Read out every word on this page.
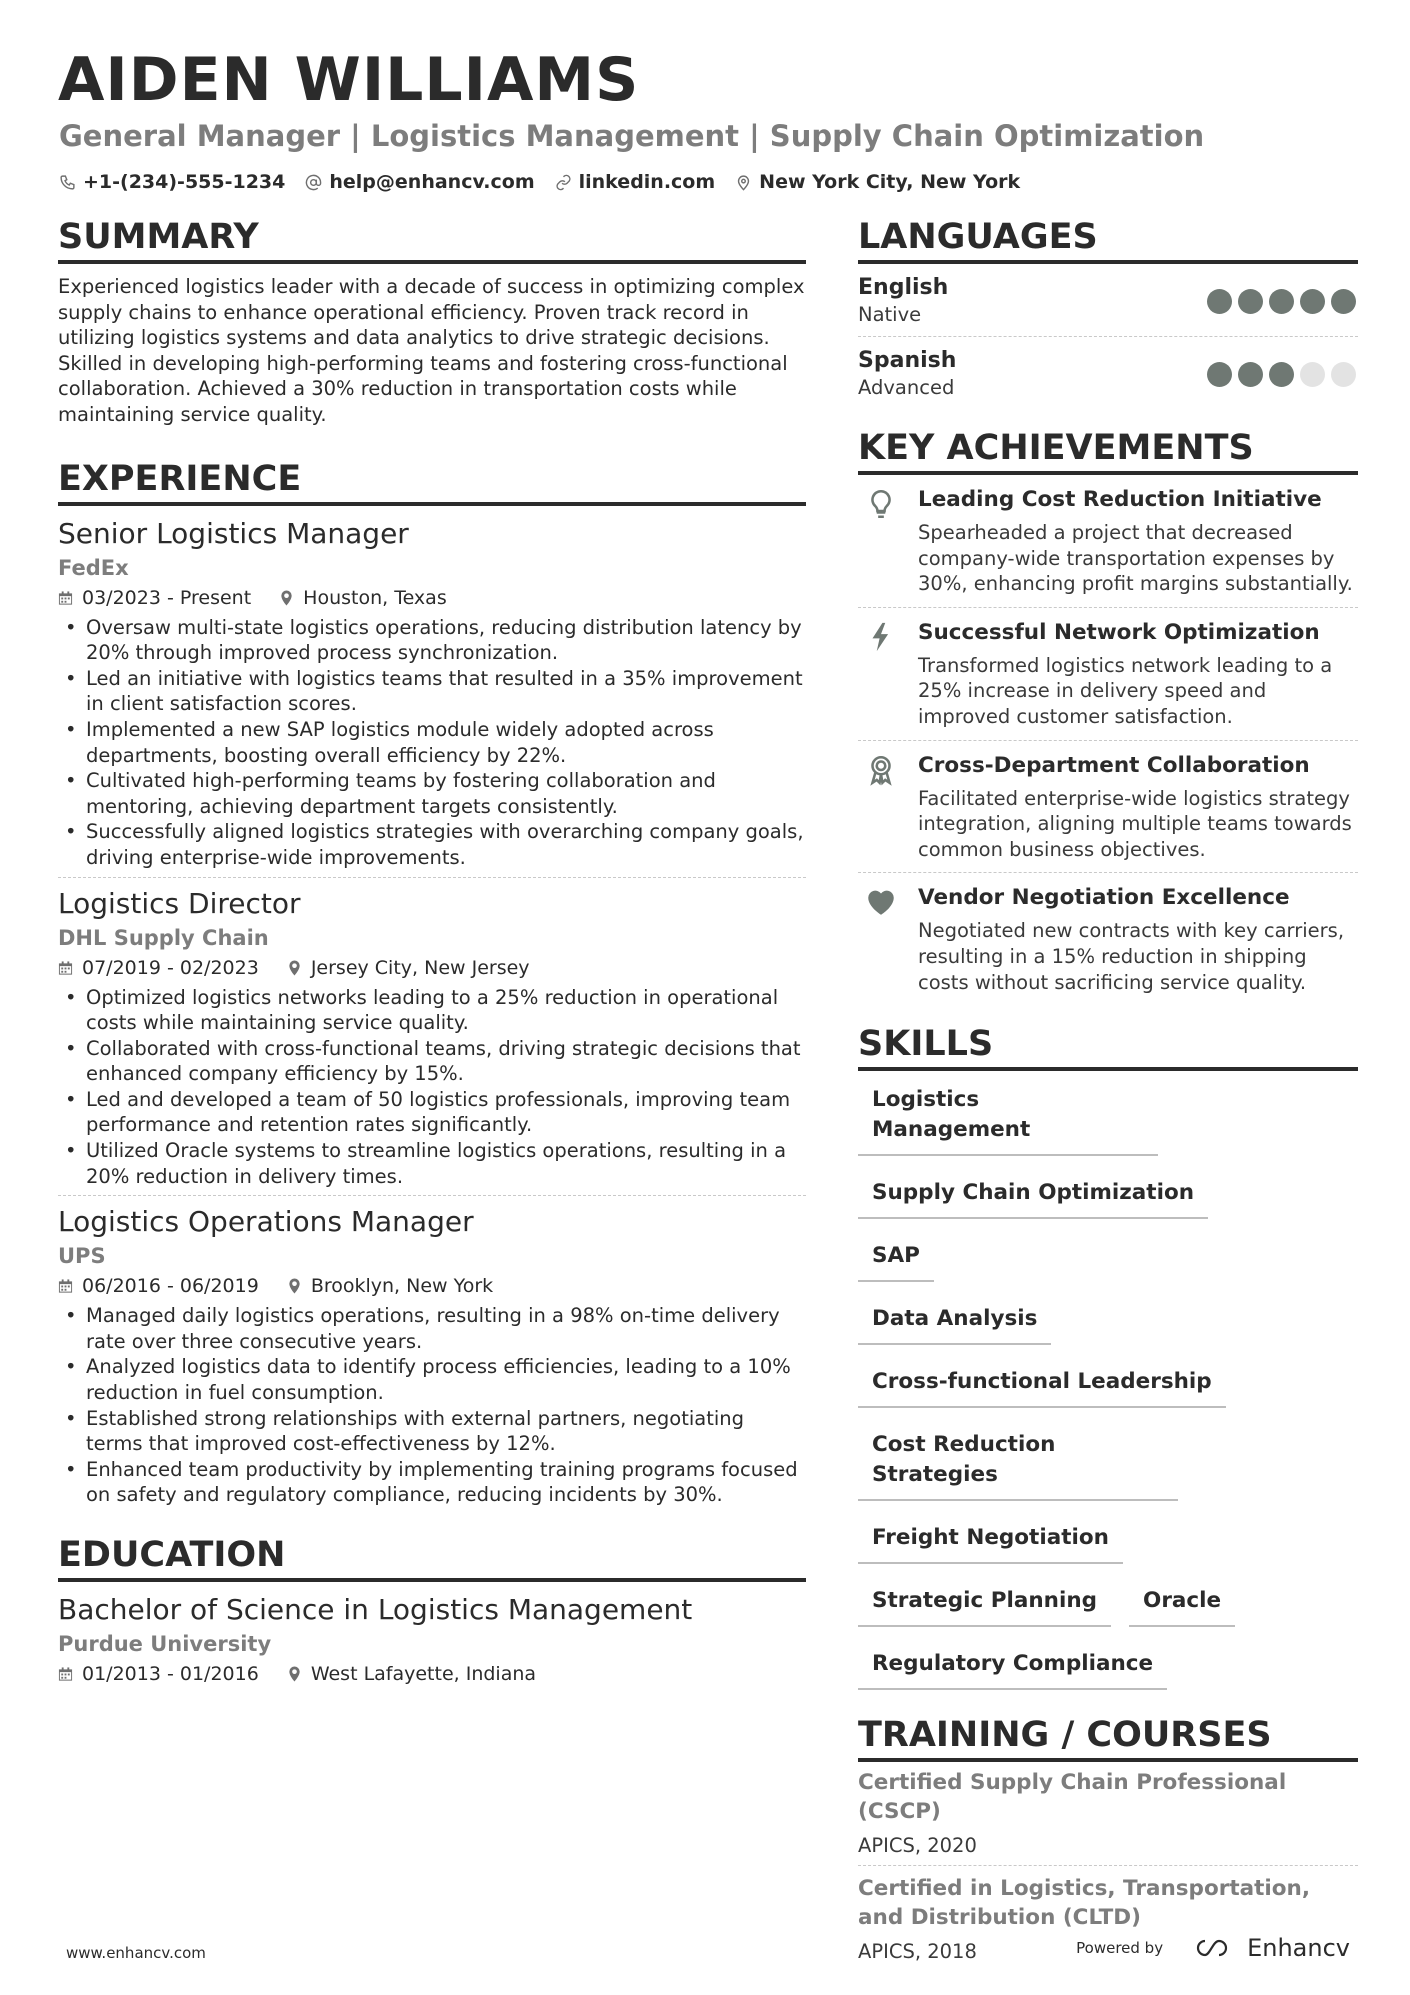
AIDEN WILLIAMS
General Manager | Logistics Management | Supply Chain Optimization
+1-(234)-555-1234 help@enhancv.com linkedin.com New York City, New York
SUMMARY
Experienced logistics leader with a decade of success in optimizing complex supply chains to enhance operational efficiency. Proven track record in utilizing logistics systems and data analytics to drive strategic decisions. Skilled in developing high-performing teams and fostering cross-functional collaboration. Achieved a 30% reduction in transportation costs while maintaining service quality.
EXPERIENCE
Senior Logistics Manager
FedEx
03/2023 - Present	Houston, Texas
• Oversaw multi-state logistics operations, reducing distribution latency by 20% through improved process synchronization.
• Led an initiative with logistics teams that resulted in a 35% improvement in client satisfaction scores.
• Implemented a new SAP logistics module widely adopted across departments, boosting overall efficiency by 22%.
• Cultivated high-performing teams by fostering collaboration and mentoring, achieving department targets consistently.
• Successfully aligned logistics strategies with overarching company goals, driving enterprise-wide improvements.
Logistics Director
DHL Supply Chain
07/2019 - 02/2023	Jersey City, New Jersey
• Optimized logistics networks leading to a 25% reduction in operational costs while maintaining service quality.
• Collaborated with cross-functional teams, driving strategic decisions that enhanced company efficiency by 15%.
• Led and developed a team of 50 logistics professionals, improving team performance and retention rates significantly.
• Utilized Oracle systems to streamline logistics operations, resulting in a 20% reduction in delivery times.
Logistics Operations Manager
UPS
06/2016 - 06/2019	Brooklyn, New York
• Managed daily logistics operations, resulting in a 98% on-time delivery rate over three consecutive years.
• Analyzed logistics data to identify process efficiencies, leading to a 10% reduction in fuel consumption.
• Established strong relationships with external partners, negotiating terms that improved cost-effectiveness by 12%.
• Enhanced team productivity by implementing training programs focused on safety and regulatory compliance, reducing incidents by 30%.
EDUCATION
Bachelor of Science in Logistics Management
Purdue University
01/2013 - 01/2016	West Lafayette, Indiana
LANGUAGES
English
Native
Spanish
Advanced
KEY ACHIEVEMENTS
Leading Cost Reduction Initiative
Spearheaded a project that decreased company-wide transportation expenses by 30%, enhancing profit margins substantially.
Successful Network Optimization
Transformed logistics network leading to a 25% increase in delivery speed and improved customer satisfaction.
Cross-Department Collaboration
Facilitated enterprise-wide logistics strategy integration, aligning multiple teams towards common business objectives.
Vendor Negotiation Excellence
Negotiated new contracts with key carriers, resulting in a 15% reduction in shipping costs without sacrificing service quality.
SKILLS
Logistics Management
Supply Chain Optimization
SAP
Data Analysis
Cross-functional Leadership
Cost Reduction Strategies
Freight Negotiation
Strategic Planning	Oracle
Regulatory Compliance
TRAINING / COURSES
Certified Supply Chain Professional (CSCP)
APICS, 2020
Certified in Logistics, Transportation, and Distribution (CLTD)
APICS, 2018
www.enhancv.com	Powered by	Enhancv
